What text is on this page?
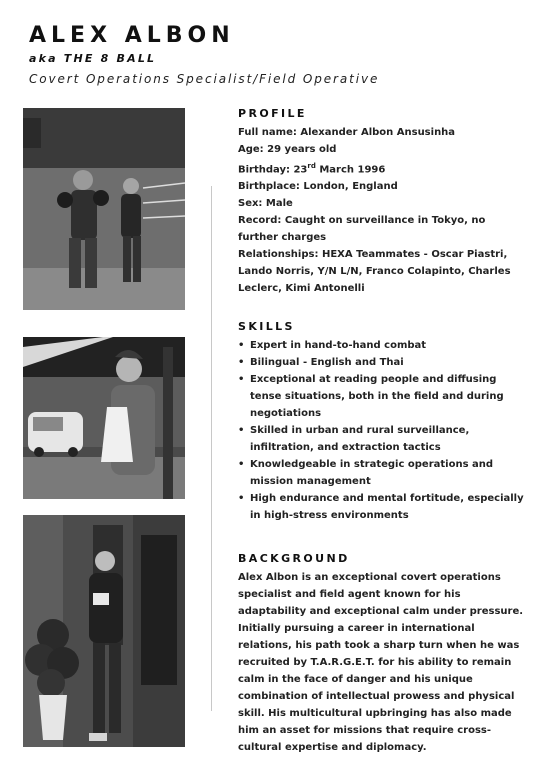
ALEX ALBON
aka THE 8 BALL
Covert Operations Specialist/Field Operative
PROFILE
Full name: Alexander Albon Ansusinha
Age: 29 years old
Birthday: 23rd March 1996
Birthplace: London, England
Sex: Male
Record: Caught on surveillance in Tokyo, no
further charges
Relationships: HEXA Teammates - Oscar Piastri,
Lando Norris, Y/N L/N, Franco Colapinto, Charles
Leclerc, Kimi Antonelli
SKILLS
• Expert in hand-to-hand combat
• Bilingual - English and Thai
• Exceptional at reading people and diffusing tense situations, both in the field and during negotiations
• Skilled in urban and rural surveillance, infiltration, and extraction tactics
• Knowledgeable in strategic operations and mission management
• High endurance and mental fortitude, especially in high-stress environments
BACKGROUND
Alex Albon is an exceptional covert operations specialist and field agent known for his adaptability and exceptional calm under pressure. Initially pursuing a career in international relations, his path took a sharp turn when he was recruited by T.A.R.G.E.T. for his ability to remain calm in the face of danger and his unique combination of intellectual prowess and physical skill. His multicultural upbringing has also made him an asset for missions that require cross-cultural expertise and diplomacy.
